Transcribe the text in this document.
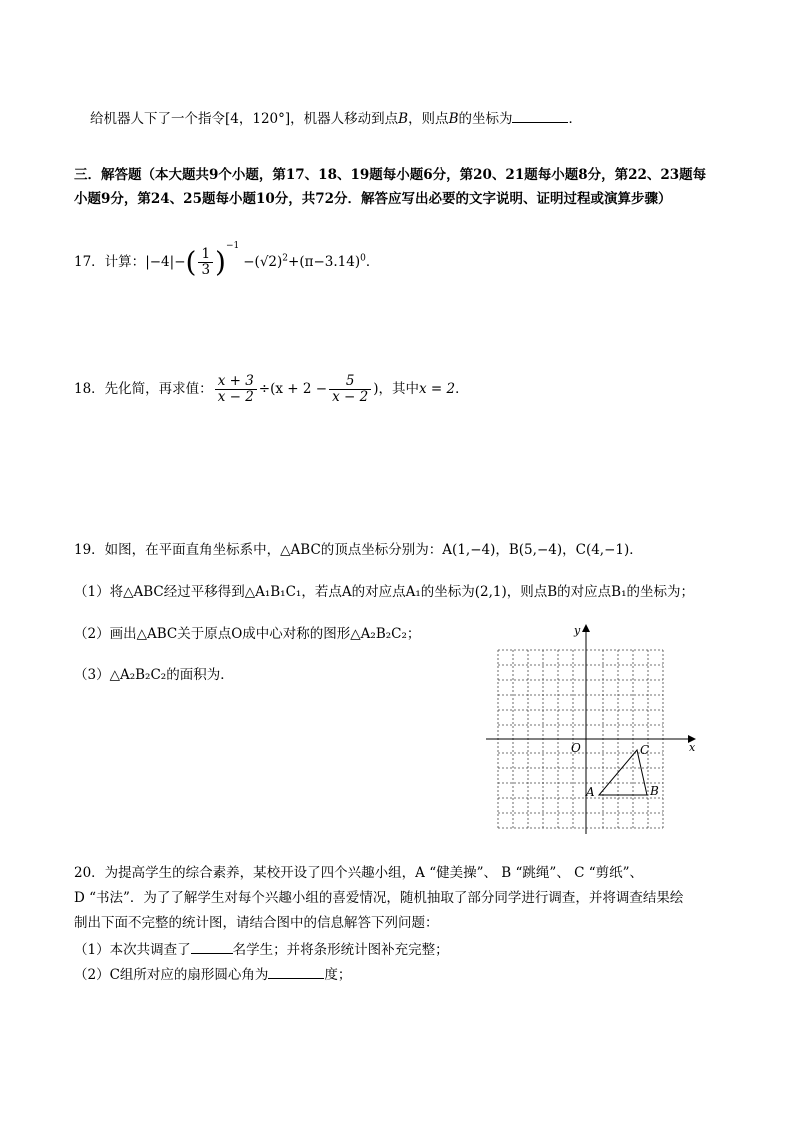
给机器人下了一个指令[4，120°]，机器人移动到点B，则点B的坐标为	．
三．解答题（本大题共9个小题，第17、18、19题每小题6分，第20、21题每小题8分，第22、23题每
小题9分，第24、25题每小题10分，共72分．解答应写出必要的文字说明、证明过程或演算步骤）
17．计算：$|-4|-( \frac{1}{3} )^{-1}-(√2)^2+(\pi-3.14)^0$．
18．先化简，再求值： $\frac{x + 3}{x - 2} \div(x + 2 - \frac{5}{x - 2}$ )，其中x = 2．
19．如图，在平面直角坐标系中，△ABC的顶点坐标分别为：A(1,−4)，B(5,−4)，C(4,−1)．
（1）将△ABC经过平移得到△A₁B₁C₁，若点A的对应点A₁的坐标为(2,1)，则点B的对应点B₁的坐标为；
（2）画出△ABC关于原点O成中心对称的图形△A₂B₂C₂；
（3）△A₂B₂C₂的面积为．
y
x
O
A	B
C
20．为提高学生的综合素养，某校开设了四个兴趣小组，A “健美操”、 B “跳绳”、 C “剪纸”、
D “书法”．为了了解学生对每个兴趣小组的喜爱情况，随机抽取了部分同学进行调查，并将调查结果绘
制出下面不完整的统计图，请结合图中的信息解答下列问题：
（1）本次共调查了	名学生；并将条形统计图补充完整；
（2）C组所对应的扇形圆心角为	度；
